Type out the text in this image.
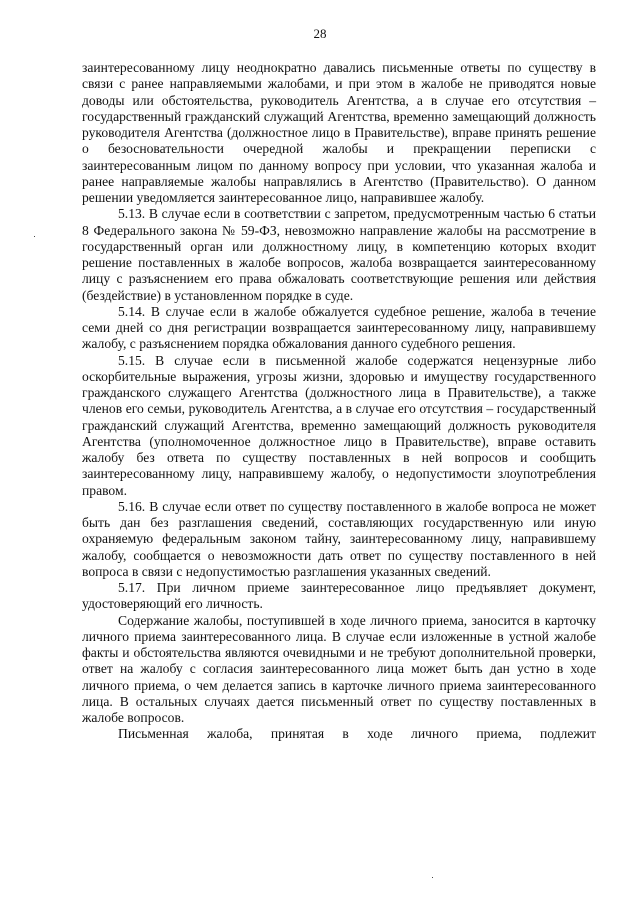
28

заинтересованному лицу неоднократно давались письменные ответы по существу в связи с ранее направляемыми жалобами, и при этом в жалобе не приводятся новые доводы или обстоятельства, руководитель Агентства, а в случае его отсутствия – государственный гражданский служащий Агентства, временно замещающий должность руководителя Агентства (должностное лицо в Правительстве), вправе принять решение о безосновательности очередной жалобы и прекращении переписки с заинтересованным лицом по данному вопросу при условии, что указанная жалоба и ранее направляемые жалобы направлялись в Агентство (Правительство). О данном решении уведомляется заинтересованное лицо, направившее жалобу.

5.13. В случае если в соответствии с запретом, предусмотренным частью 6 статьи 8 Федерального закона № 59-ФЗ, невозможно направление жалобы на рассмотрение в государственный орган или должностному лицу, в компетенцию которых входит решение поставленных в жалобе вопросов, жалоба возвращается заинтересованному лицу с разъяснением его права обжаловать соответствующие решения или действия (бездействие) в установленном порядке в суде.

5.14. В случае если в жалобе обжалуется судебное решение, жалоба в течение семи дней со дня регистрации возвращается заинтересованному лицу, направившему жалобу, с разъяснением порядка обжалования данного судебного решения.

5.15. В случае если в письменной жалобе содержатся нецензурные либо оскорбительные выражения, угрозы жизни, здоровью и имуществу государственного гражданского служащего Агентства (должностного лица в Правительстве), а также членов его семьи, руководитель Агентства, а в случае его отсутствия – государственный гражданский служащий Агентства, временно замещающий должность руководителя Агентства (уполномоченное должностное лицо в Правительстве), вправе оставить жалобу без ответа по существу поставленных в ней вопросов и сообщить заинтересованному лицу, направившему жалобу, о недопустимости злоупотребления правом.

5.16. В случае если ответ по существу поставленного в жалобе вопроса не может быть дан без разглашения сведений, составляющих государственную или иную охраняемую федеральным законом тайну, заинтересованному лицу, направившему жалобу, сообщается о невозможности дать ответ по существу поставленного в ней вопроса в связи с недопустимостью разглашения указанных сведений.

5.17. При личном приеме заинтересованное лицо предъявляет документ, удостоверяющий его личность.

Содержание жалобы, поступившей в ходе личного приема, заносится в карточку личного приема заинтересованного лица. В случае если изложенные в устной жалобе факты и обстоятельства являются очевидными и не требуют дополнительной проверки, ответ на жалобу с согласия заинтересованного лица может быть дан устно в ходе личного приема, о чем делается запись в карточке личного приема заинтересованного лица. В остальных случаях дается письменный ответ по существу поставленных в жалобе вопросов.

Письменная жалоба, принятая в ходе личного приема, подлежит
